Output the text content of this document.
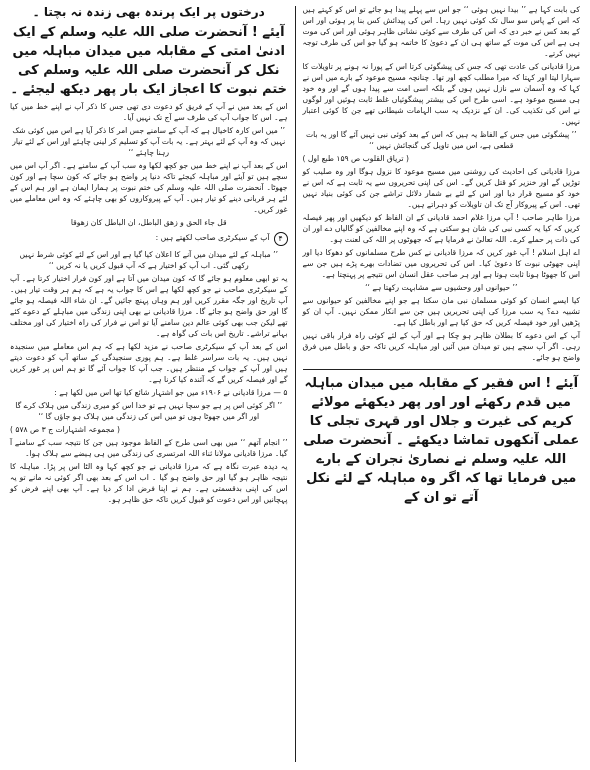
کی بابت کہا ہے ’’ بیدا نہیں ہوئی ‘‘ جو اس سے پہلے پیدا ہو جائے تو اس کو کہتے ہیں کہ اس کے پاس سو سال تک کوئی نہیں رہا۔ اس کی پیدائش کس بنا پر ہوئی اور اس کے بعد کس نے خبر دی کہ اس کی طرف سے کوئی نشانی ظاہر ہوئی اور اس کی موت ہی ہے اس کی موت کے ساتھ ہی ان کے دعویٰ کا خاتمہ ہو گیا جو اس کی طرف توجہ نہیں کرتے۔

مرزا قادیانی کی عادت تھی کہ جس کی پیشگوئی کرتا اس کے پورا نہ ہونے پر تاویلات کا سہارا لیتا اور کہتا کہ میرا مطلب کچھ اور تھا۔ چنانچہ مسیح موعود کے بارے میں اس نے کہا کہ وہ آسمان سے نازل نہیں ہوں گے بلکہ اسی امت سے پیدا ہوں گے اور وہ خود ہی مسیح موعود ہے۔ اسی طرح اس کی بیشتر پیشگوئیاں غلط ثابت ہوئیں اور لوگوں نے اس کی تکذیب کی۔ ان کے نزدیک یہ سب الہامات شیطانی تھے جن کا کوئی اعتبار نہیں۔

’’ پیشگوئی میں جس کے الفاظ یہ ہیں کہ اس کے بعد کوئی نبی نہیں آئے گا اور یہ بات قطعی ہے، اس میں تاویل کی گنجائش نہیں ‘‘

( تریاق القلوب ص ۱۵۹ طبع اول )

مرزا قادیانی کی احادیث کی روشنی میں مسیح موعود کا نزول ہوگا اور وہ صلیب کو توڑیں گے اور خنزیر کو قتل کریں گے۔ اس کی اپنی تحریروں سے یہ ثابت ہے کہ اس نے خود کو مسیح قرار دیا اور اس کے لئے بے شمار دلائل تراشے جن کی کوئی بنیاد نہیں تھی۔ اس کے پیروکار آج تک ان تاویلات کو دہراتے ہیں۔

مرزا طاہر صاحب ! آپ مرزا غلام احمد قادیانی کے ان الفاظ کو دیکھیں اور پھر فیصلہ کریں کہ کیا یہ کسی نبی کی شان ہو سکتی ہے کہ وہ اپنے مخالفین کو گالیاں دے اور ان کی ذات پر حملے کرے۔ اللہ تعالیٰ نے فرمایا ہے کہ جھوٹوں پر اللہ کی لعنت ہو۔

اے اہل اسلام ! آپ غور کریں کہ مرزا قادیانی نے کس طرح مسلمانوں کو دھوکا دیا اور اپنی جھوٹی نبوت کا دعویٰ کیا۔ اس کی تحریروں میں تضادات بھرے پڑے ہیں جن سے اس کا جھوٹا ہونا ثابت ہوتا ہے اور ہر صاحب عقل انسان اس نتیجے پر پہنچتا ہے۔

’’ حیوانوں اور وحشیوں سے مشابہت رکھتا ہے ‘‘

کیا ایسے انسان کو کوئی مسلمان نبی مان سکتا ہے جو اپنے مخالفین کو حیوانوں سے تشبیہ دے؟ یہ سب مرزا کی اپنی تحریریں ہیں جن سے انکار ممکن نہیں۔ آپ ان کو پڑھیں اور خود فیصلہ کریں کہ حق کیا ہے اور باطل کیا ہے۔

آپ کے اس دعوے کا بطلان ظاہر ہو چکا ہے اور آپ کے لئے کوئی راہ فرار باقی نہیں رہی۔ اگر آپ سچے ہیں تو میدان میں آئیں اور مباہلہ کریں تاکہ حق و باطل میں فرق واضح ہو جائے۔

آیئے ! اس فقیر کے مقابلہ میں میدان مباہلہ میں قدم رکھئے اور اور پھر دیکھئے مولائے کریم کی غیرت و جلال اور قہری تجلی کا عملی آنکھوں تماشا دیکھئے ۔ آنحضرت صلی اللہ علیہ وسلم نے نصاریٰ نجران کے بارے میں فرمایا تھا کہ اگر وہ مباہلہ کے لئے نکل آتے تو ان کے

درختوں پر ایک پرندہ بھی زندہ نہ بچتا ۔

آیئے ! آنحضرت صلی اللہ علیہ وسلم کے ایک ادنیٰ امتی کے مقابلہ میں میدان مباہلہ میں نکل کر آنحضرت صلی اللہ علیہ وسلم کی ختم نبوت کا اعجاز ایک بار پھر دیکھ لیجئے ۔

اس کے بعد میں نے آپ کے فریق کو دعوت دی تھی جس کا ذکر آپ نے اپنے خط میں کیا ہے۔ اس کا جواب آپ کی طرف سے آج تک نہیں آیا۔

’’ میں اس کارہ کاخیال ہے کہ آپ کے سامنے جس امر کا ذکر آیا ہے اس میں کوئی شک نہیں کہ وہ آپ کے لئے بہتر ہے۔ یہ بات آپ کو تسلیم کر لینی چاہئے اور اس کے لئے تیار رہنا چاہئے ‘‘

اس کے بعد آپ نے اپنے خط میں جو کچھ لکھا وہ سب آپ کے سامنے ہے۔ اگر آپ اس میں سچے ہیں تو آیئے اور مباہلہ کیجئے تاکہ دنیا پر واضح ہو جائے کہ کون سچا ہے اور کون جھوٹا۔ آنحضرت صلی اللہ علیہ وسلم کی ختم نبوت پر ہمارا ایمان ہے اور ہم اس کے لئے ہر قربانی دینے کو تیار ہیں۔ آپ کے پیروکاروں کو بھی چاہئے کہ وہ اس معاملے میں غور کریں۔

قل جاء الحق و زھق الباطل، ان الباطل کان زھوقا

۴
آپ کے سیکرٹری صاحب لکھتے ہیں :

’’ مباہلہ کے لئے میدان میں آنے کا اعلان کیا گیا ہے اور اس کے لئے کوئی شرط نہیں رکھی گئی۔ اب آپ کو اختیار ہے کہ آپ قبول کریں یا نہ کریں ‘‘

یہ تو ابھی معلوم ہو جائے گا کہ کون میدان میں آتا ہے اور کون فرار اختیار کرتا ہے۔ آپ کے سیکرٹری صاحب نے جو کچھ لکھا ہے اس کا جواب یہ ہے کہ ہم ہر وقت تیار ہیں۔ آپ تاریخ اور جگہ مقرر کریں اور ہم وہاں پہنچ جائیں گے۔ ان شاء اللہ فیصلہ ہو جائے گا اور حق واضح ہو جائے گا۔ مرزا قادیانی نے بھی اپنی زندگی میں مباہلے کے دعوے کئے تھے لیکن جب بھی کوئی عالم دین سامنے آیا تو اس نے فرار کی راہ اختیار کی اور مختلف بہانے تراشے۔ تاریخ اس بات کی گواہ ہے۔

اس کے بعد آپ کے سیکرٹری صاحب نے مزید لکھا ہے کہ ہم اس معاملے میں سنجیدہ نہیں ہیں۔ یہ بات سراسر غلط ہے۔ ہم پوری سنجیدگی کے ساتھ آپ کو دعوت دیتے ہیں اور آپ کے جواب کے منتظر ہیں۔ جب آپ کا جواب آئے گا تو ہم اس پر غور کریں گے اور فیصلہ کریں گے کہ آئندہ کیا کرنا ہے۔

۵ — مرزا قادیانی نے ۱۹۰۶ء میں جو اشتہار شائع کیا تھا اس میں لکھا ہے :

’’ اگر کوئی اس پر ہے جو سچا نہیں ہے تو خدا اس کو میری زندگی میں ہلاک کرے گا اور اگر میں جھوٹا ہوں تو میں اس کی زندگی میں ہلاک ہو جاؤں گا ‘‘

( مجموعہ اشتہارات ج ۳ ص ۵۷۸ )

’’ انجام آتھم ‘‘ میں بھی اسی طرح کے الفاظ موجود ہیں جن کا نتیجہ سب کے سامنے آ گیا۔ مرزا قادیانی مولانا ثناء اللہ امرتسری کی زندگی میں ہی ہیضے سے ہلاک ہوا۔

یہ دیدہ عبرت نگاہ ہے کہ مرزا قادیانی نے جو کچھ کہا وہ الٹا اس پر پڑا۔ مباہلہ کا نتیجہ ظاہر ہو گیا اور حق واضح ہو گیا ۔ اب اس کے بعد بھی اگر کوئی نہ مانے تو یہ اس کی اپنی بدقسمتی ہے۔ ہم نے اپنا فرض ادا کر دیا ہے۔ آپ بھی اپنے فرض کو پہچانیں اور اس دعوت کو قبول کریں تاکہ حق ظاہر ہو۔
